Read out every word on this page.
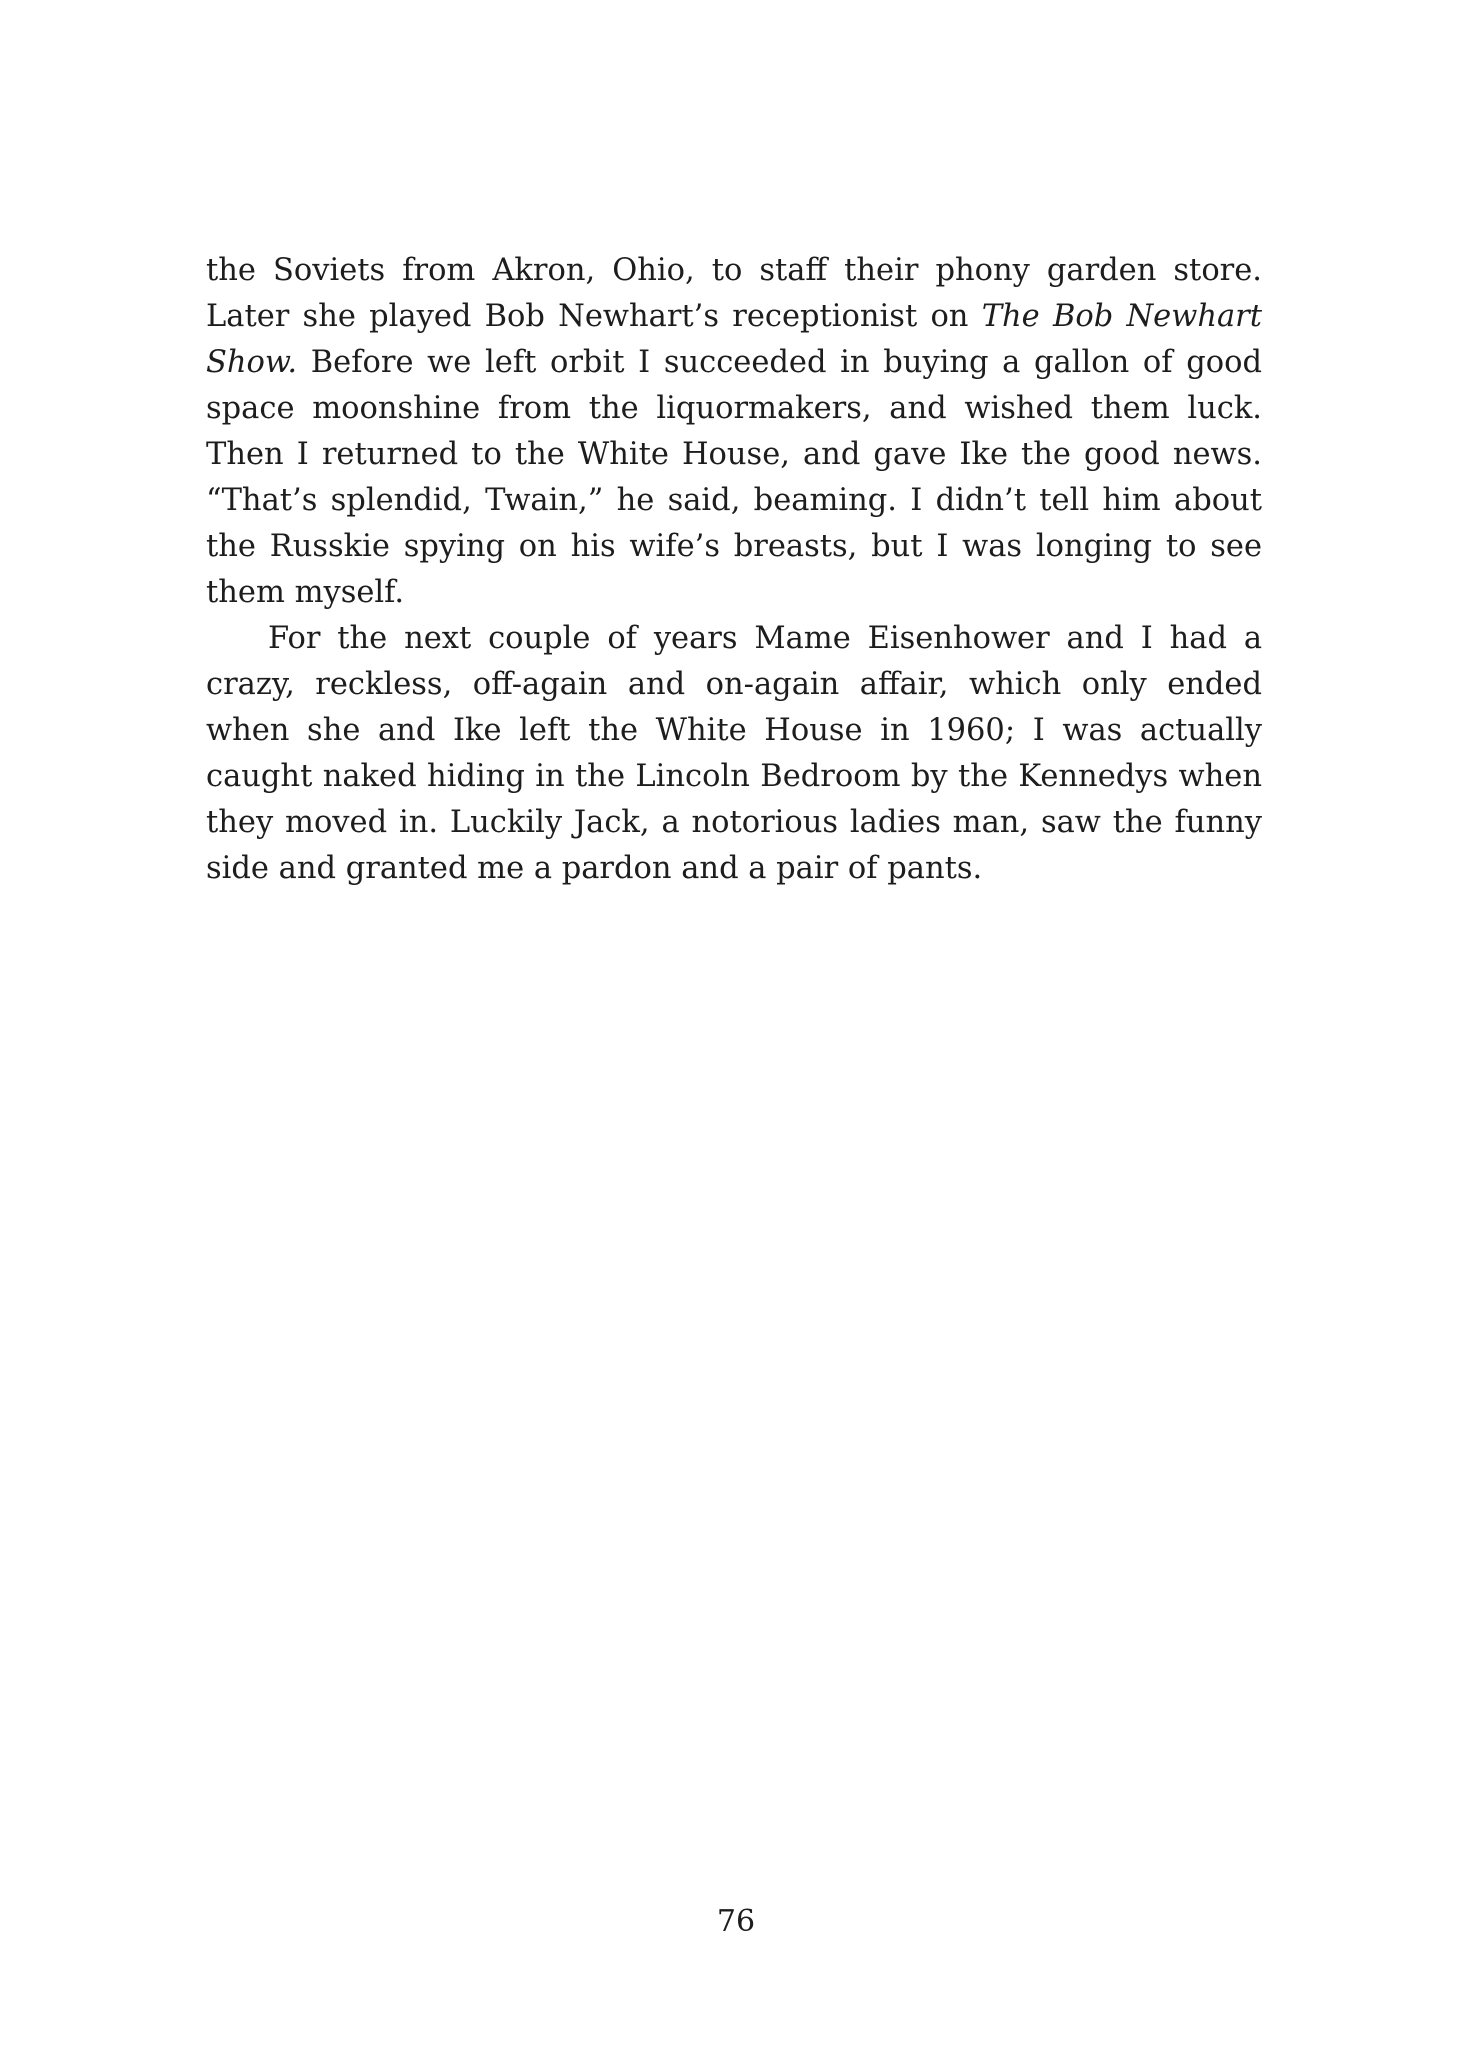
the Soviets from Akron, Ohio, to staff their phony garden store. Later she played Bob Newhart’s receptionist on The Bob Newhart Show. Before we left orbit I succeeded in buying a gallon of good space moonshine from the liquormakers, and wished them luck. Then I returned to the White House, and gave Ike the good news. “That’s splendid, Twain,” he said, beaming. I didn’t tell him about the Russkie spying on his wife’s breasts, but I was longing to see them myself.

For the next couple of years Mame Eisenhower and I had a crazy, reckless, off-again and on-again affair, which only ended when she and Ike left the White House in 1960; I was actually caught naked hiding in the Lincoln Bedroom by the Kennedys when they moved in. Luckily Jack, a notorious ladies man, saw the funny side and granted me a pardon and a pair of pants.

76
